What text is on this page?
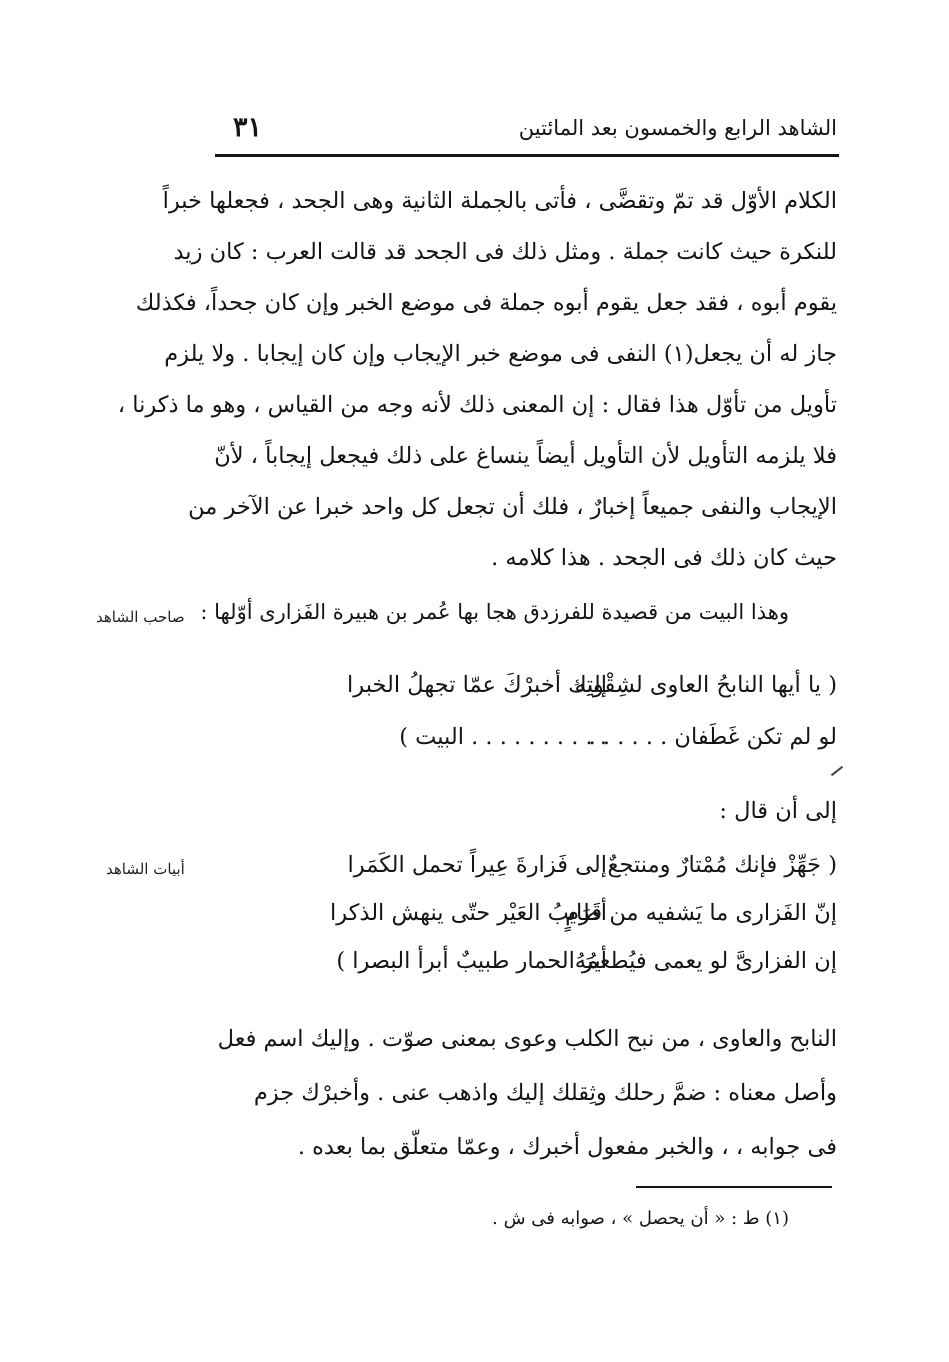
الشاهد الرابع والخمسون بعد المائتين
٣١
الكلام الأوّل قد تمّ وتقضَّى ، فأتى بالجملة الثانية وهى الجحد ، فجعلها خبراً
للنكرة حيث كانت جملة . ومثل ذلك فى الجحد قد قالت العرب : كان زيد
يقوم أبوه ، فقد جعل يقوم أبوه جملة فى موضع الخبر وإن كان جحداً، فكذلك
جاز له أن يجعل(١) النفى فى موضع خبر الإيجاب وإن كان إيجابا . ولا يلزم
تأويل من تأوّل هذا فقال : إن المعنى ذلك لأنه وجه من القياس ، وهو ما ذكرنا ،
فلا يلزمه التأويل لأن التأويل أيضاً ينساغ على ذلك فيجعل إيجاباً ، لأنّ
الإيجاب والنفى جميعاً إخبارٌ ، فلك أن تجعل كل واحد خبرا عن الآخر من
حيث كان ذلك فى الجحد . هذا كلامه .
وهذا البيت من قصيدة للفرزدق هجا بها عُمر بن هبيرة الفَزارى أوّلها :
صاحب الشاهد
( يا أيها النابحُ العاوى لشِقْوتِه
إليك أخبرْكَ عمّا تجهلُ الخبرا
لو لم تكن غَطَفان . . . . . .
. . . . . . . . . . البيت )
إلى أن قال :
أبيات الشاهد	( جَهِّزْ فإنك مُمْتارٌ ومنتجعٌ
إلى فَزارةَ عِيراً تحمل الكَمَرا
إنّ الفَزارى ما يَشفيه من قَرَمٍ
أطايبُ العَيْر حتّى ينهش الذكرا
إن الفزارىَّ لو يعمى فيُطعمُهُ
أيرَ الحمار طبيبٌ أبرأ البصرا )
النابح والعاوى ، من نبح الكلب وعوى بمعنى صوّت . وإليك اسم فعل
وأصل معناه : ضمَّ رحلك وثِقلك إليك واذهب عنى . وأخبرْك جزم
فى جوابه ، ، والخبر مفعول أخبرك ، وعمّا متعلّق بما بعده .
(١) ط : « أن يحصل » ، صوابه فى ش .
